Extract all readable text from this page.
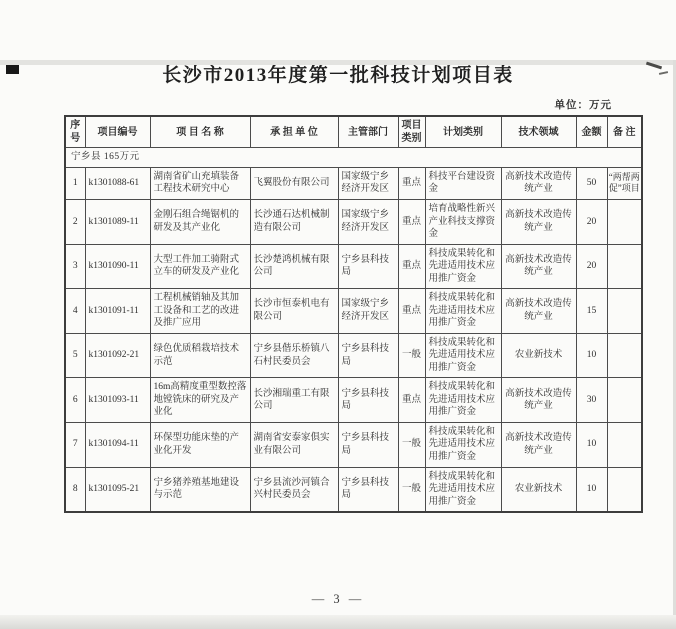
长沙市2013年度第一批科技计划项目表
单位：万元
序号	项目编号	项 目 名 称	承 担 单 位	主管部门	项目类别	计划类别	技术领域	金额	备 注
宁乡县 165万元									
1	k1301088-61	湖南省矿山充填装备工程技术研究中心	飞翼股份有限公司	国家级宁乡经济开发区	重点	科技平台建设资金	高新技术改造传统产业	50	“两帮两促”项目
2	k1301089-11	金刚石组合绳锯机的研发及其产业化	长沙通石达机械制造有限公司	国家级宁乡经济开发区	重点	培育战略性新兴产业科技支撑资金	高新技术改造传统产业	20	
3	k1301090-11	大型工件加工骑附式立车的研发及产业化	长沙楚鸿机械有限公司	宁乡县科技局	重点	科技成果转化和先进适用技术应用推广资金	高新技术改造传统产业	20	
4	k1301091-11	工程机械销轴及其加工设备和工艺的改进及推广应用	长沙市恒泰机电有限公司	国家级宁乡经济开发区	重点	科技成果转化和先进适用技术应用推广资金	高新技术改造传统产业	15	
5	k1301092-21	绿色优质稻栽培技术示范	宁乡县偕乐桥镇八石村民委员会	宁乡县科技局	一般	科技成果转化和先进适用技术应用推广资金	农业新技术	10	
6	k1301093-11	16m高精度重型数控落地镗铣床的研究及产业化	长沙湘瑞重工有限公司	宁乡县科技局	重点	科技成果转化和先进适用技术应用推广资金	高新技术改造传统产业	30	
7	k1301094-11	环保型功能床垫的产业化开发	湖南省安泰家俱实业有限公司	宁乡县科技局	一般	科技成果转化和先进适用技术应用推广资金	高新技术改造传统产业	10	
8	k1301095-21	宁乡猪养殖基地建设与示范	宁乡县流沙河镇合兴村民委员会	宁乡县科技局	一般	科技成果转化和先进适用技术应用推广资金	农业新技术	10	
— 3 —
